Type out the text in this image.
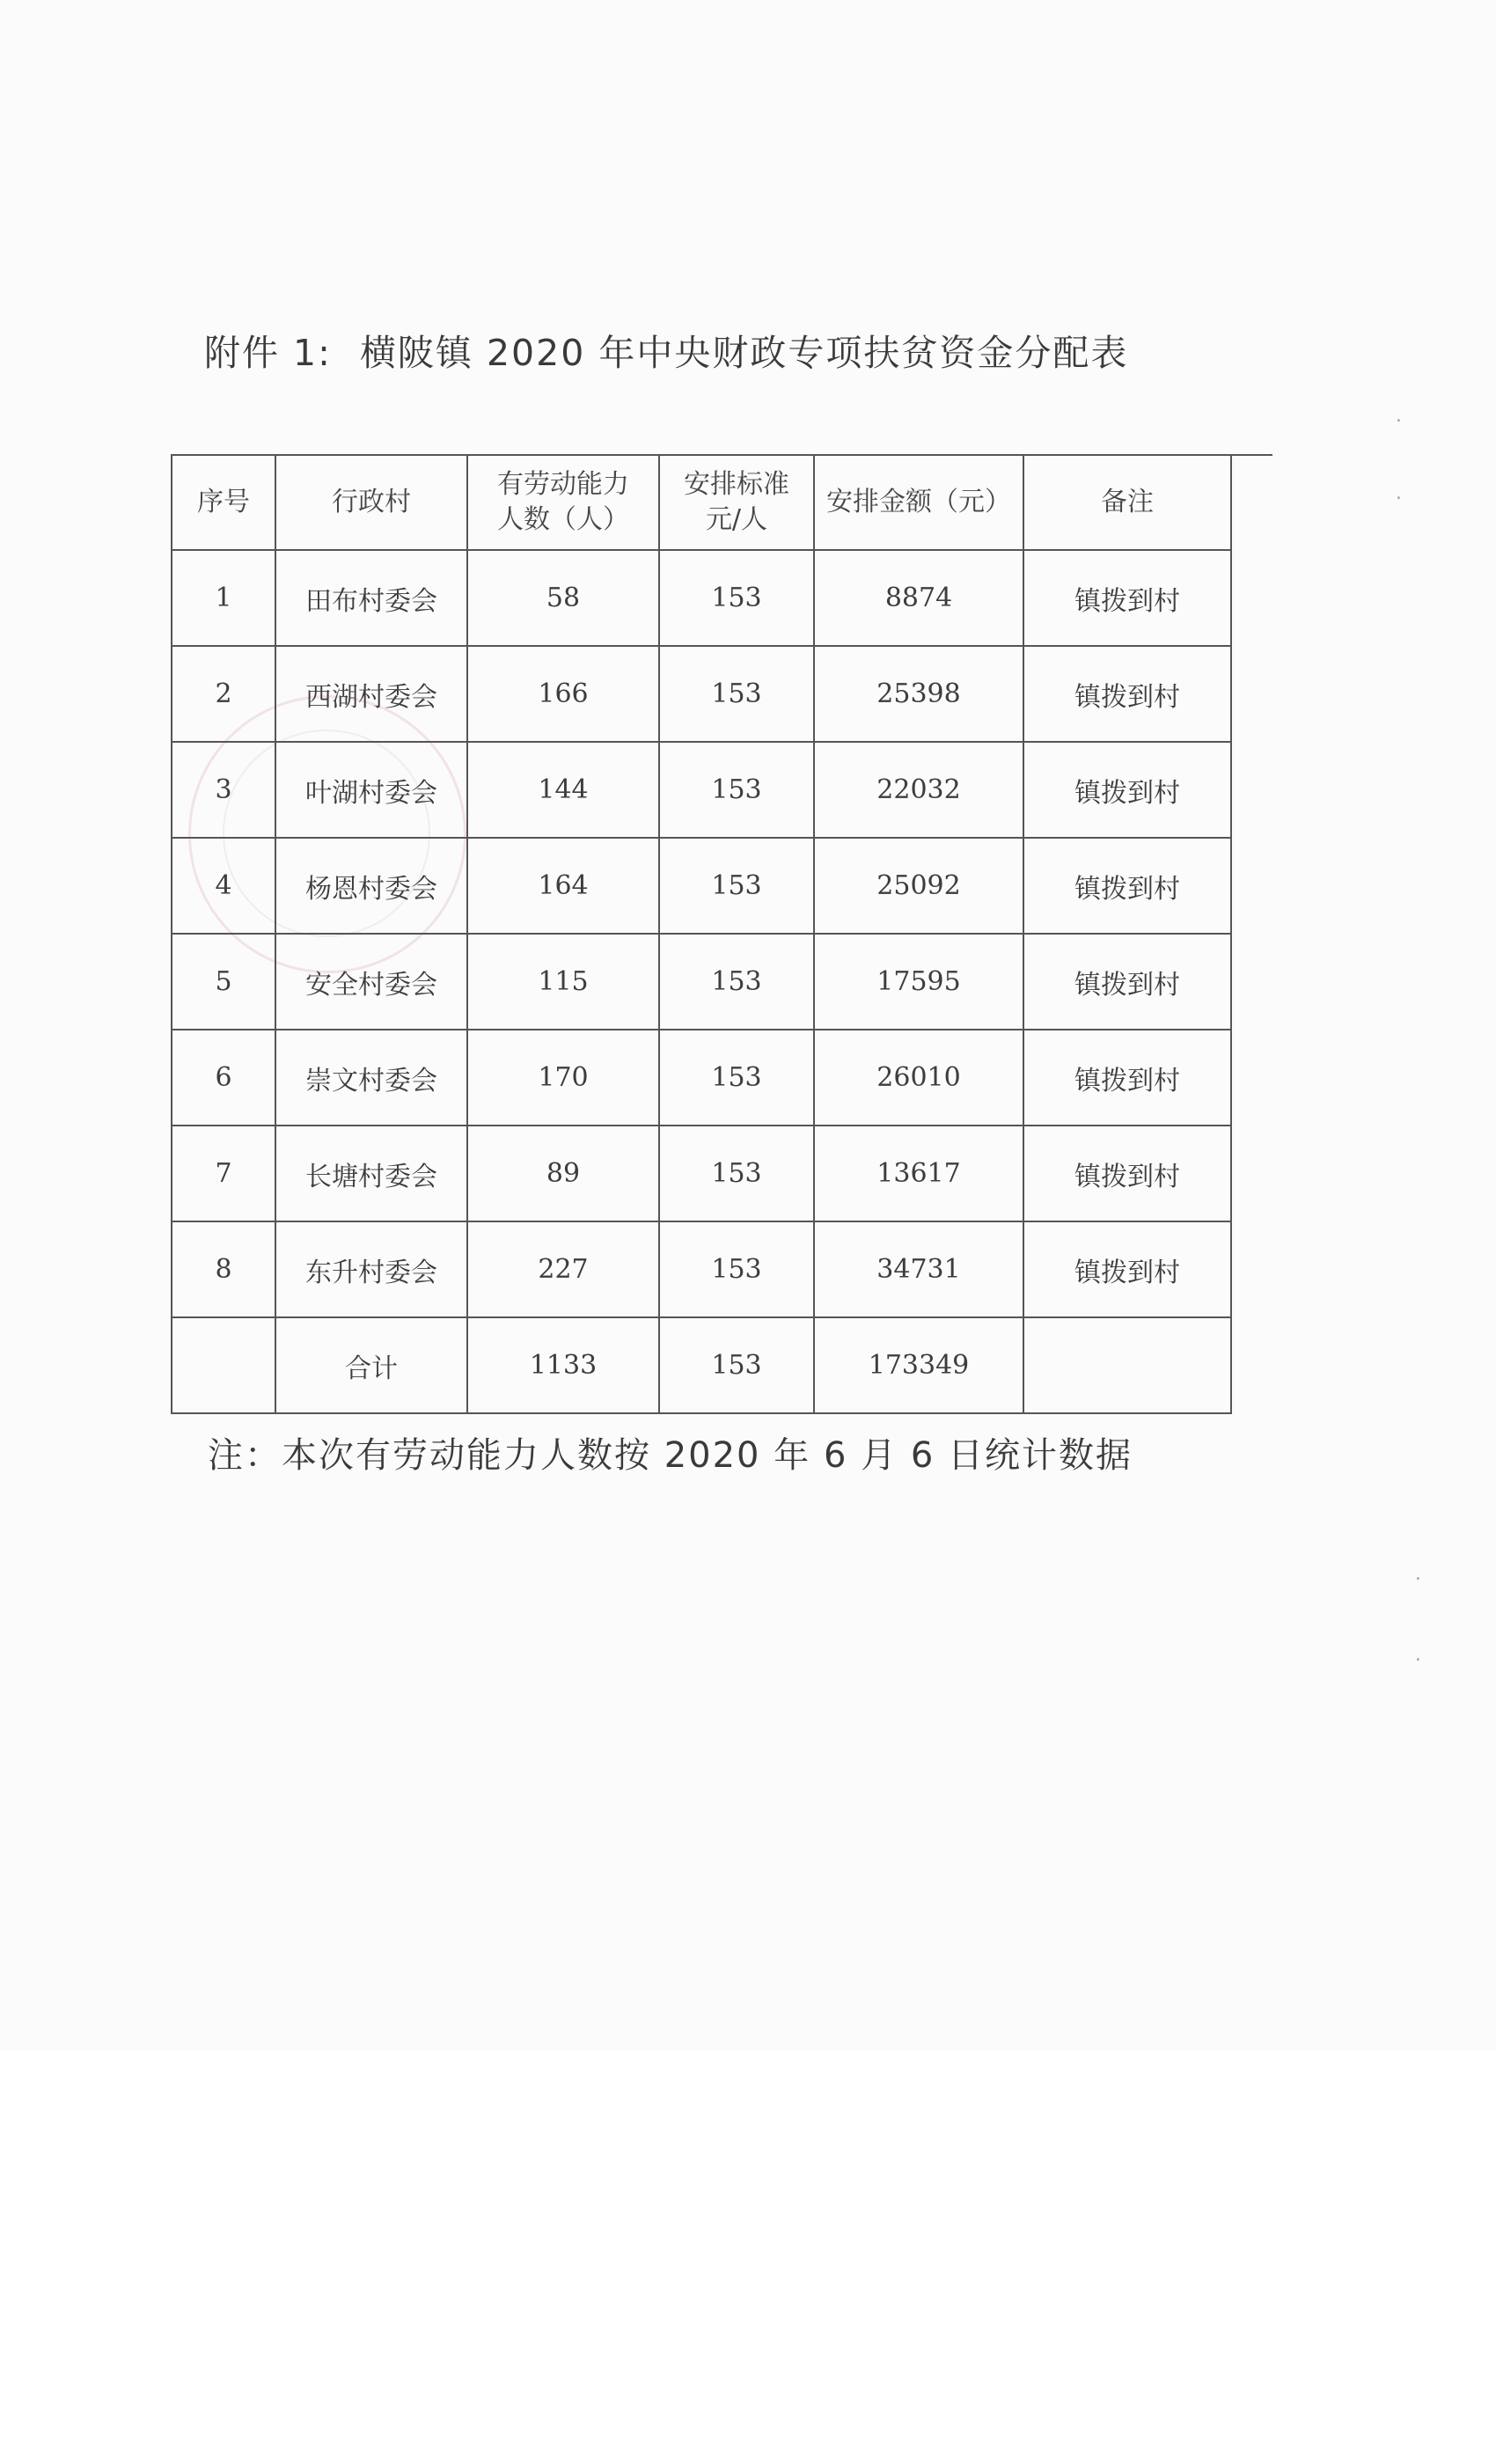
·
·
·
·
附件 1: 横陂镇 2020 年中央财政专项扶贫资金分配表
序号	行政村	有劳动能力人数（人）	安排标准元/人	安排金额（元）	备注
1	田布村委会	58	153	8874	镇拨到村
2	西湖村委会	166	153	25398	镇拨到村
3	叶湖村委会	144	153	22032	镇拨到村
4	杨恩村委会	164	153	25092	镇拨到村
5	安全村委会	115	153	17595	镇拨到村
6	崇文村委会	170	153	26010	镇拨到村
7	长塘村委会	89	153	13617	镇拨到村
8	东升村委会	227	153	34731	镇拨到村
	合计	1133	153	173349	
注：本次有劳动能力人数按 2020 年 6 月 6 日统计数据
